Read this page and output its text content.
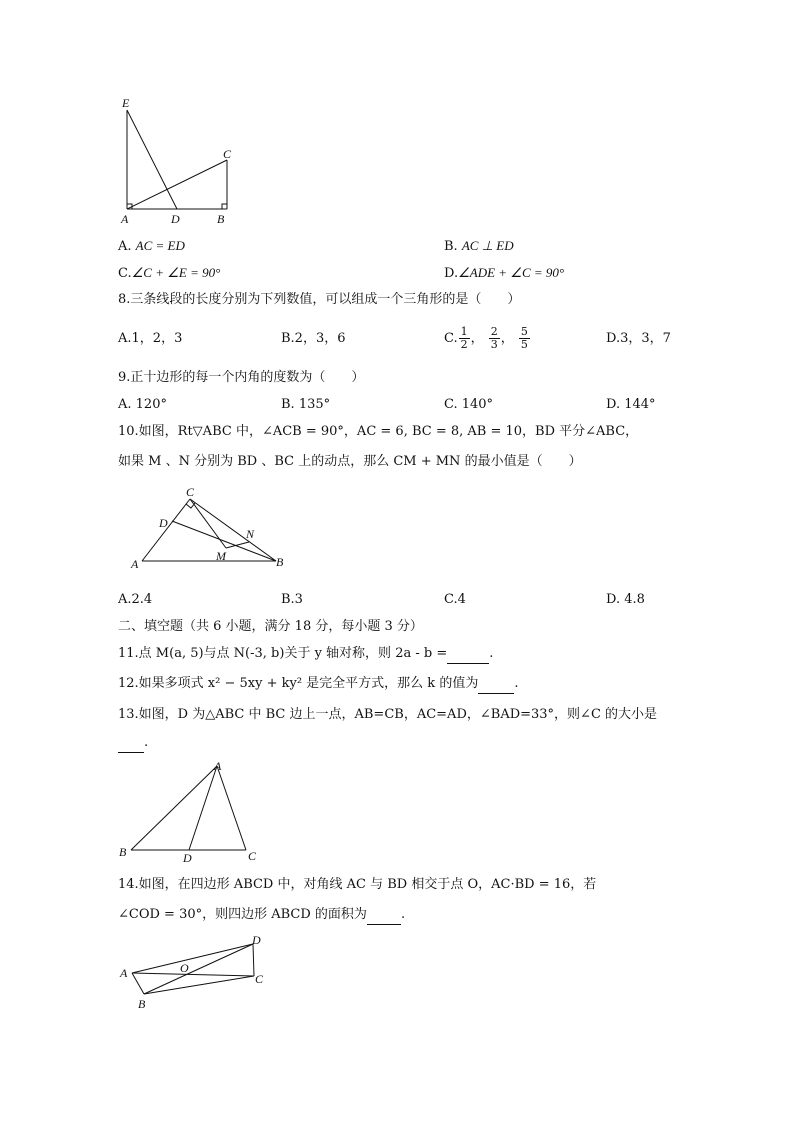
E
C
A	D	B
A. AC = ED	B. AC ⊥ ED
C.∠C + ∠E = 90°	D.∠ADE + ∠C = 90°
8.三条线段的长度分别为下列数值，可以组成一个三角形的是（　　）
A.1，2，3	B.2，3，6	C. $\frac{1}{2}$ ， $\frac{2}{3}$ ， $\frac{5}{5}$	D.3，3，7
9.正十边形的每一个内角的度数为（　　）
A. 120°	B. 135°	C. 140°	D. 144°
10.如图，Rt▽ABC 中，∠ACB = 90°，AC = 6, BC = 8, AB = 10，BD 平分∠ABC，
如果 M 、N 分别为 BD 、BC 上的动点，那么 CM + MN 的最小值是（　　）
C
D
N
M
A	B
A.2.4	B.3	C.4	D. 4.8
二、填空题（共 6 小题，满分 18 分，每小题 3 分）
11.点 M(a, 5)与点 N(-3, b)关于 y 轴对称，则 2a - b =	.
12.如果多项式 x² − 5xy + ky² 是完全平方式，那么 k 的值为	.
13.如图，D 为△ABC 中 BC 边上一点，AB=CB，AC=AD，∠BAD=33°，则∠C 的大小是
.
A
B	D	C
14.如图，在四边形 ABCD 中，对角线 AC 与 BD 相交于点 O，AC·BD = 16，若
∠COD = 30°，则四边形 ABCD 的面积为	.
D
A	O
C
B
